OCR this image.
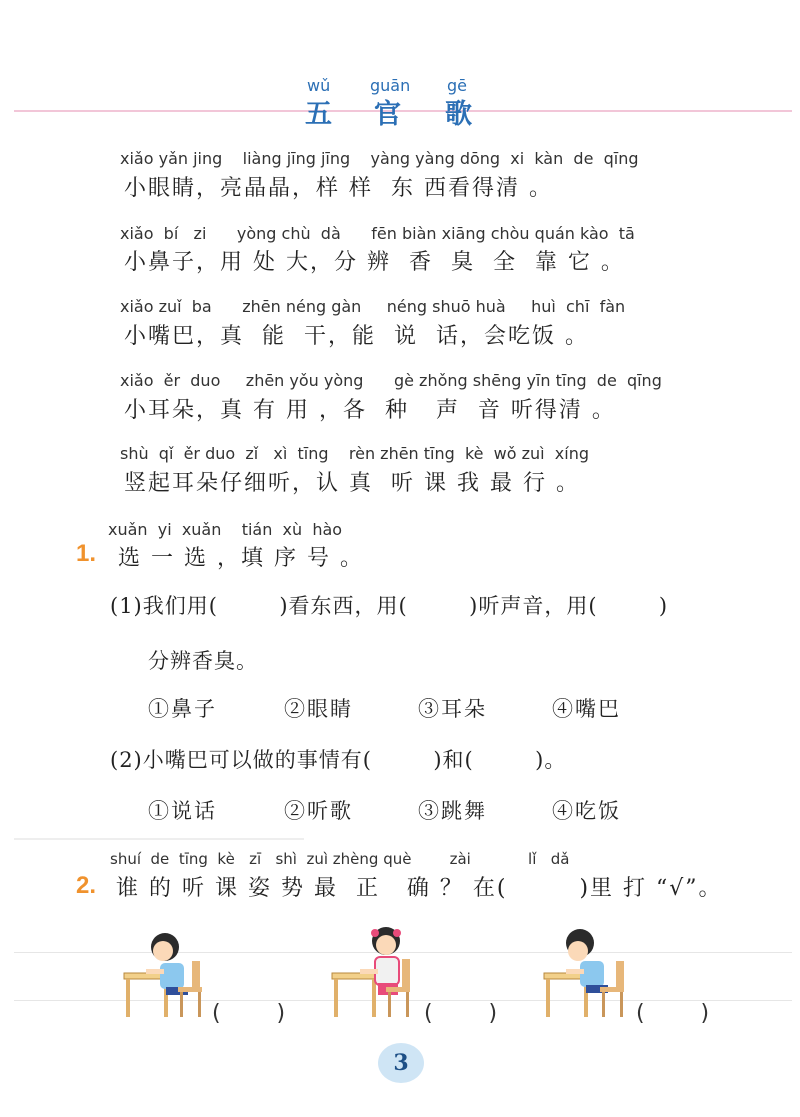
wǔ guān gē
五 官 歌
xiǎo yǎn jing    liàng jīng jīng    yàng yàng dōng  xi  kàn  de  qīng
小眼睛，亮晶晶，样 样  东 西看得清 。
xiǎo  bí   zi      yòng chù  dà      fēn biàn xiāng chòu quán kào  tā
小鼻子，用 处 大，分 辨  香  臭  全  靠 它 。
xiǎo zuǐ  ba      zhēn néng gàn     néng shuō huà     huì  chī  fàn
小嘴巴，真  能  干，能  说  话，会吃饭 。
xiǎo  ěr  duo     zhēn yǒu yòng      gè zhǒng shēng yīn tīng  de  qīng
小耳朵，真 有 用 ，各  种   声  音 听得清 。
shù  qǐ  ěr duo  zǐ   xì  tīng    rèn zhēn tīng  kè  wǒ zuì  xíng
竖起耳朵仔细听，认 真  听 课 我 最 行 。
xuǎn  yi  xuǎn    tián  xù  hào
1. 选 一 选 ，填 序 号 。
(1)我们用(        )看东西，用(        )听声音，用(        )
分辨香臭。
①鼻子	②眼睛	③耳朵	④嘴巴
(2)小嘴巴可以做的事情有(        )和(        )。
①说话	②听歌	③跳舞	④吃饭
shuí  de  tīng  kè   zī   shì  zuì zhèng què        zài            lǐ   dǎ
2. 谁 的 听 课 姿 势 最  正   确 ？ 在(        )里 打 “√”。
(        )	(        )	(        )
3
